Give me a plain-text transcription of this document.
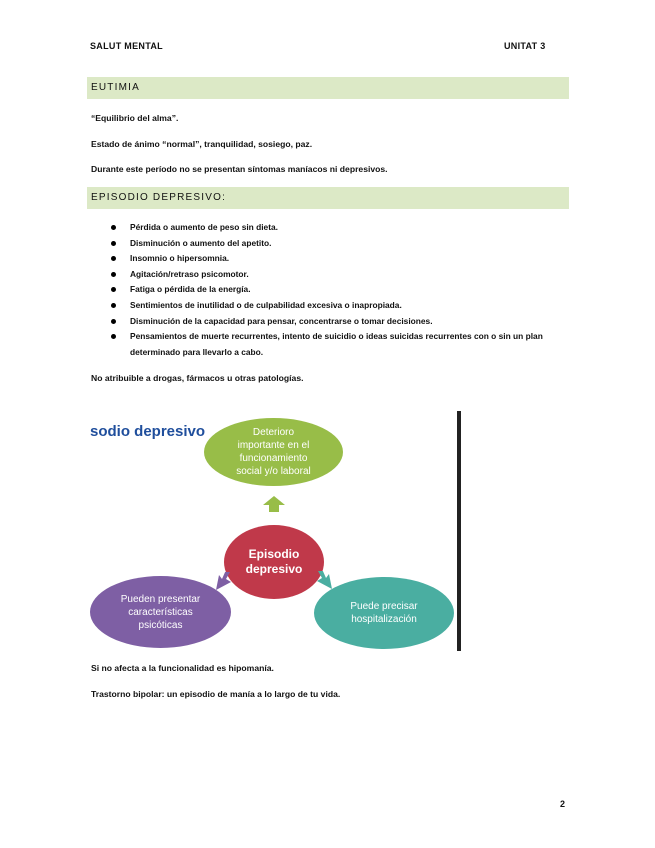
SALUT MENTAL	UNITAT 3
EUTIMIA
“Equilibrio del alma”.
Estado de ánimo “normal”, tranquilidad, sosiego, paz.
Durante este período no se presentan síntomas maníacos ni depresivos.
EPISODIO DEPRESIVO:
Pérdida o aumento de peso sin dieta.
Disminución o aumento del apetito.
Insomnio o hipersomnia.
Agitación/retraso psicomotor.
Fatiga o pérdida de la energía.
Sentimientos de inutilidad o de culpabilidad excesiva o inapropiada.
Disminución de la capacidad para pensar, concentrarse o tomar decisiones.
Pensamientos de muerte recurrentes, intento de suicidio o ideas suicidas recurrentes con o sin un plan determinado para llevarlo a cabo.
No atribuible a drogas, fármacos u otras patologías.
sodio depresivo	Deterioro
importante en el
funcionamiento
social y/o laboral
Episodio
depresivo
Pueden presentar
características
psicóticas
Puede precisar
hospitalización
Si no afecta a la funcionalidad es hipomanía.
Trastorno bipolar: un episodio de manía a lo largo de tu vida.
2
